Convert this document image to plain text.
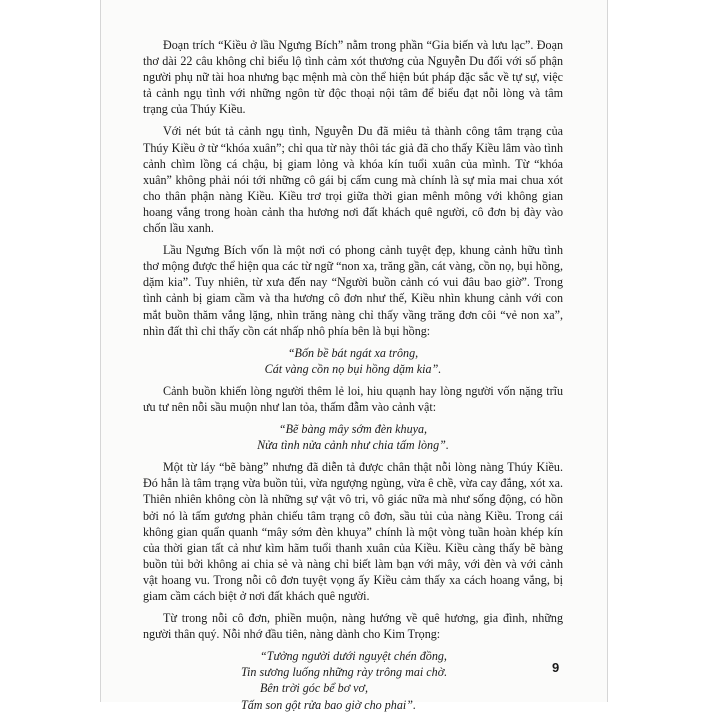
Đoạn trích “Kiều ở lầu Ngưng Bích” nằm trong phần “Gia biến và lưu lạc”. Đoạn thơ dài 22 câu không chỉ biểu lộ tình cảm xót thương của Nguyễn Du đối với số phận người phụ nữ tài hoa nhưng bạc mệnh mà còn thể hiện bút pháp đặc sắc về tự sự, việc tả cảnh ngụ tình với những ngôn từ độc thoại nội tâm để biểu đạt nỗi lòng và tâm trạng của Thúy Kiều.

Với nét bút tả cảnh ngụ tình, Nguyễn Du đã miêu tả thành công tâm trạng của Thúy Kiều ở từ “khóa xuân”; chỉ qua từ này thôi tác giả đã cho thấy Kiều lâm vào tình cảnh chìm lồng cá chậu, bị giam lỏng và khóa kín tuổi xuân của mình. Từ “khóa xuân” không phải nói tới những cô gái bị cấm cung mà chính là sự mỉa mai chua xót cho thân phận nàng Kiều. Kiều trơ trọi giữa thời gian mênh mông với không gian hoang vắng trong hoàn cảnh tha hương nơi đất khách quê người, cô đơn bị đày vào chốn lầu xanh.

Lầu Ngưng Bích vốn là một nơi có phong cảnh tuyệt đẹp, khung cảnh hữu tình thơ mộng được thể hiện qua các từ ngữ “non xa, trăng gần, cát vàng, cồn nọ, bụi hồng, dặm kia”. Tuy nhiên, từ xưa đến nay “Người buồn cảnh có vui đâu bao giờ”. Trong tình cảnh bị giam cầm và tha hương cô đơn như thế, Kiều nhìn khung cảnh với con mắt buồn thăm vắng lặng, nhìn trăng nàng chỉ thấy vầng trăng đơn côi “vẻ non xa”, nhìn đất thì chỉ thấy cồn cát nhấp nhô phía bên là bụi hồng:

“Bốn bề bát ngát xa trông,
Cát vàng cồn nọ bụi hồng dặm kia”.

Cảnh buồn khiến lòng người thêm lẻ loi, hiu quạnh hay lòng người vốn nặng trĩu ưu tư nên nỗi sầu muộn như lan tỏa, thấm đẫm vào cảnh vật:

“Bẽ bàng mây sớm đèn khuya,
Nửa tình nửa cảnh như chia tấm lòng”.

Một từ láy “bẽ bàng” nhưng đã diễn tả được chân thật nỗi lòng nàng Thúy Kiều. Đó hẳn là tâm trạng vừa buồn tủi, vừa ngượng ngùng, vừa ê chề, vừa cay đắng, xót xa. Thiên nhiên không còn là những sự vật vô tri, vô giác nữa mà như sống động, có hồn bởi nó là tấm gương phản chiếu tâm trạng cô đơn, sầu tủi của nàng Kiều. Trong cái không gian quẩn quanh “mây sớm đèn khuya” chính là một vòng tuần hoàn khép kín của thời gian tất cả như kìm hãm tuổi thanh xuân của Kiều. Kiều càng thấy bẽ bàng buồn tủi bởi không ai chia sẻ và nàng chỉ biết làm bạn với mây, với đèn và với cảnh vật hoang vu. Trong nỗi cô đơn tuyệt vọng ấy Kiều cảm thấy xa cách hoang vắng, bị giam cầm cách biệt ở nơi đất khách quê người.

Từ trong nỗi cô đơn, phiền muộn, nàng hướng về quê hương, gia đình, những người thân quý. Nỗi nhớ đầu tiên, nàng dành cho Kim Trọng:

“Tưởng người dưới nguyệt chén đồng,
Tin sương luống những rày trông mai chờ.
Bên trời góc bể bơ vơ,
Tấm son gột rửa bao giờ cho phai”.
9
